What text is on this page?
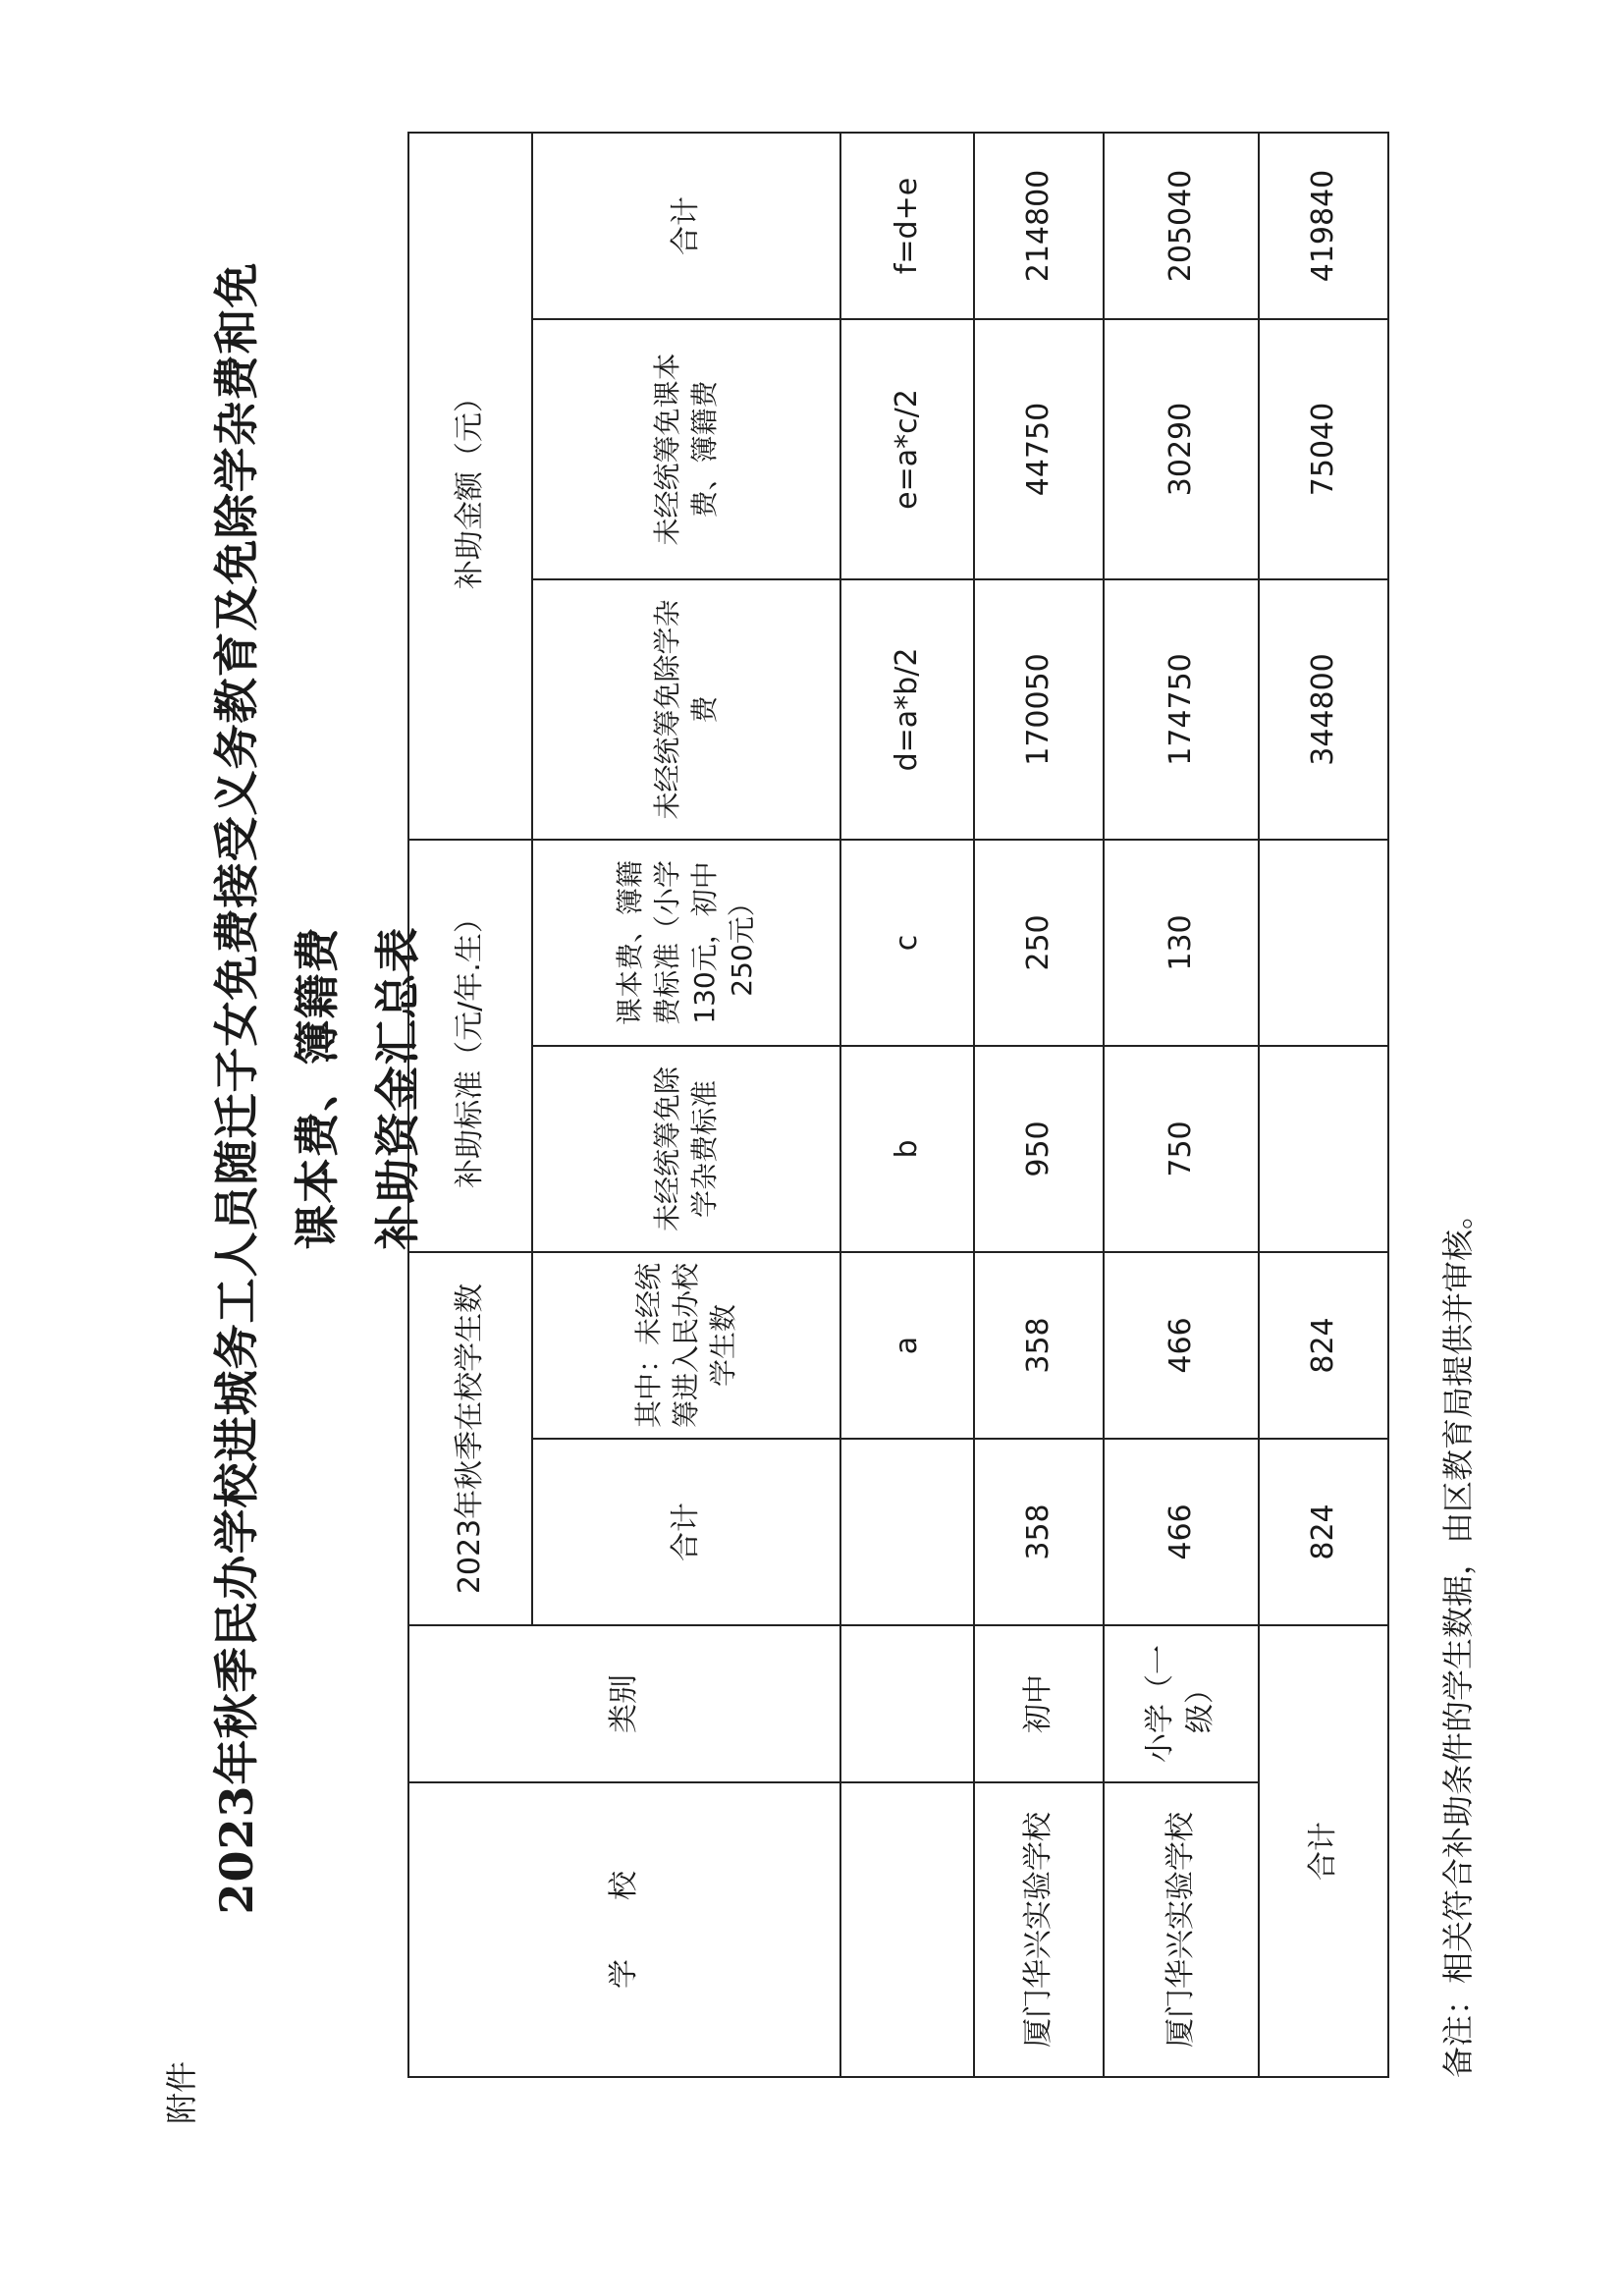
附件
2023年秋季民办学校进城务工人员随迁子女免费接受义务教育及免除学杂费和免课本费、簿籍费 补助资金汇总表
学　　校	类别	2023年秋季在校学生数		补助标准（元/年.生）		补助金额（元）		
		合计	其中：未经统筹进入民办校学生数	未经统筹免除学杂费标准	课本费、簿籍费标准（小学130元，初中250元）	未经统筹免除学杂费	未经统筹免课本费、簿籍费	合计
			a	b	c	d=a*b/2	e=a*c/2	f=d+e
厦门华兴实验学校	初中	358	358	950	250	170050	44750	214800
厦门华兴实验学校	小学（一级）	466	466	750	130	174750	30290	205040
合计		824	824			344800	75040	419840

备注：相关符合补助条件的学生数据，由区教育局提供并审核。
